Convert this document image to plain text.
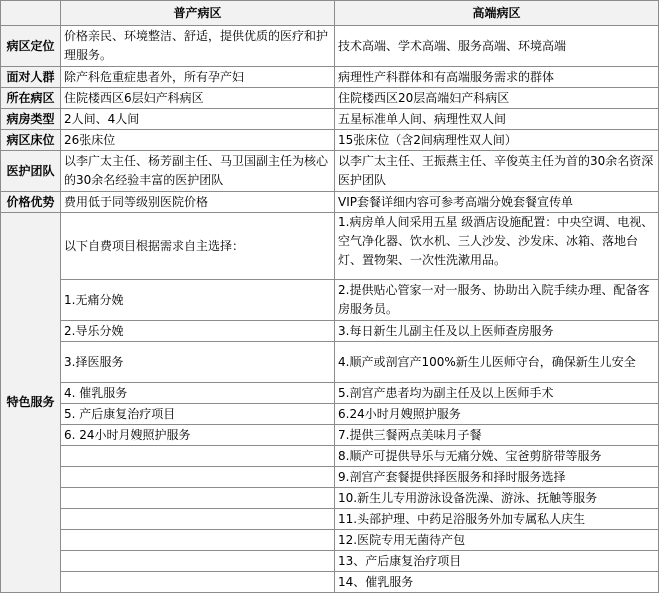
	普产病区	高端病区
病区定位	价格亲民、环境整洁、舒适，提供优质的医疗和护理服务。	技术高端、学术高端、服务高端、环境高端
面对人群	除产科危重症患者外，所有孕产妇	病理性产科群体和有高端服务需求的群体
所在病区	住院楼西区6层妇产科病区	住院楼西区20层高端妇产科病区
病房类型	2人间、4人间	五星标准单人间、病理性双人间
病区床位	26张床位	15张床位（含2间病理性双人间）
医护团队	以李广太主任、杨芳副主任、马卫国副主任为核心的30余名经验丰富的医护团队	以李广太主任、王振燕主任、辛俊英主任为首的30余名资深医护团队
价格优势	费用低于同等级别医院价格	VIP套餐详细内容可参考高端分娩套餐宣传单
特色服务	以下自费项目根据需求自主选择：	1.病房单人间采用五星 级酒店设施配置：中央空调、电视、空气净化器、饮水机、三人沙发、沙发床、冰箱、落地台灯、置物架、一次性洗漱用品。
	1.无痛分娩	2.提供贴心管家一对一服务、协助出入院手续办理、配备客房服务员。
	2.导乐分娩	3.每日新生儿副主任及以上医师查房服务
	3.择医服务	4.顺产或剖宫产100%新生儿医师守台，确保新生儿安全
	4. 催乳服务	5.剖宫产患者均为副主任及以上医师手术
	5. 产后康复治疗项目	6.24小时月嫂照护服务
	6. 24小时月嫂照护服务	7.提供三餐两点美味月子餐
		8.顺产可提供导乐与无痛分娩、宝爸剪脐带等服务
		9.剖宫产套餐提供择医服务和择时服务选择
		10.新生儿专用游泳设备洗澡、游泳、抚触等服务
		11.头部护理、中药足浴服务外加专属私人庆生
		12.医院专用无菌待产包
		13、产后康复治疗项目
		14、催乳服务
